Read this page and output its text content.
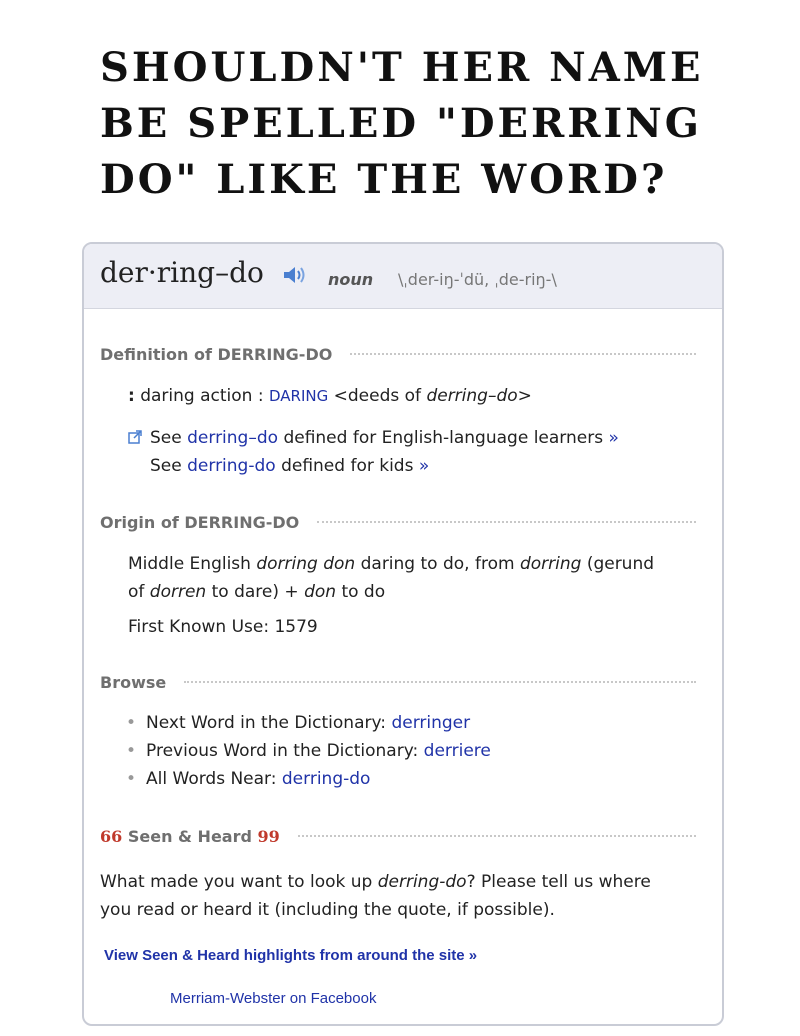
SHOULDN'T HER NAME BE SPELLED "DERRING DO" LIKE THE WORD?
der·ring–do	noun \ˌder-iŋ-ˈdü, ˌde-riŋ-\
Definition of DERRING-DO
: daring action : DARING <deeds of derring–do>
See derring–do defined for English-language learners »
See derring-do defined for kids »
Origin of DERRING-DO
Middle English dorring don daring to do, from dorring (gerund
of dorren to dare) + don to do
First Known Use: 1579
Browse
• Next Word in the Dictionary: derringer
• Previous Word in the Dictionary: derriere
• All Words Near: derring-do
66 Seen & Heard 99
What made you want to look up derring-do? Please tell us where
you read or heard it (including the quote, if possible).
View Seen & Heard highlights from around the site »
Merriam-Webster on Facebook
